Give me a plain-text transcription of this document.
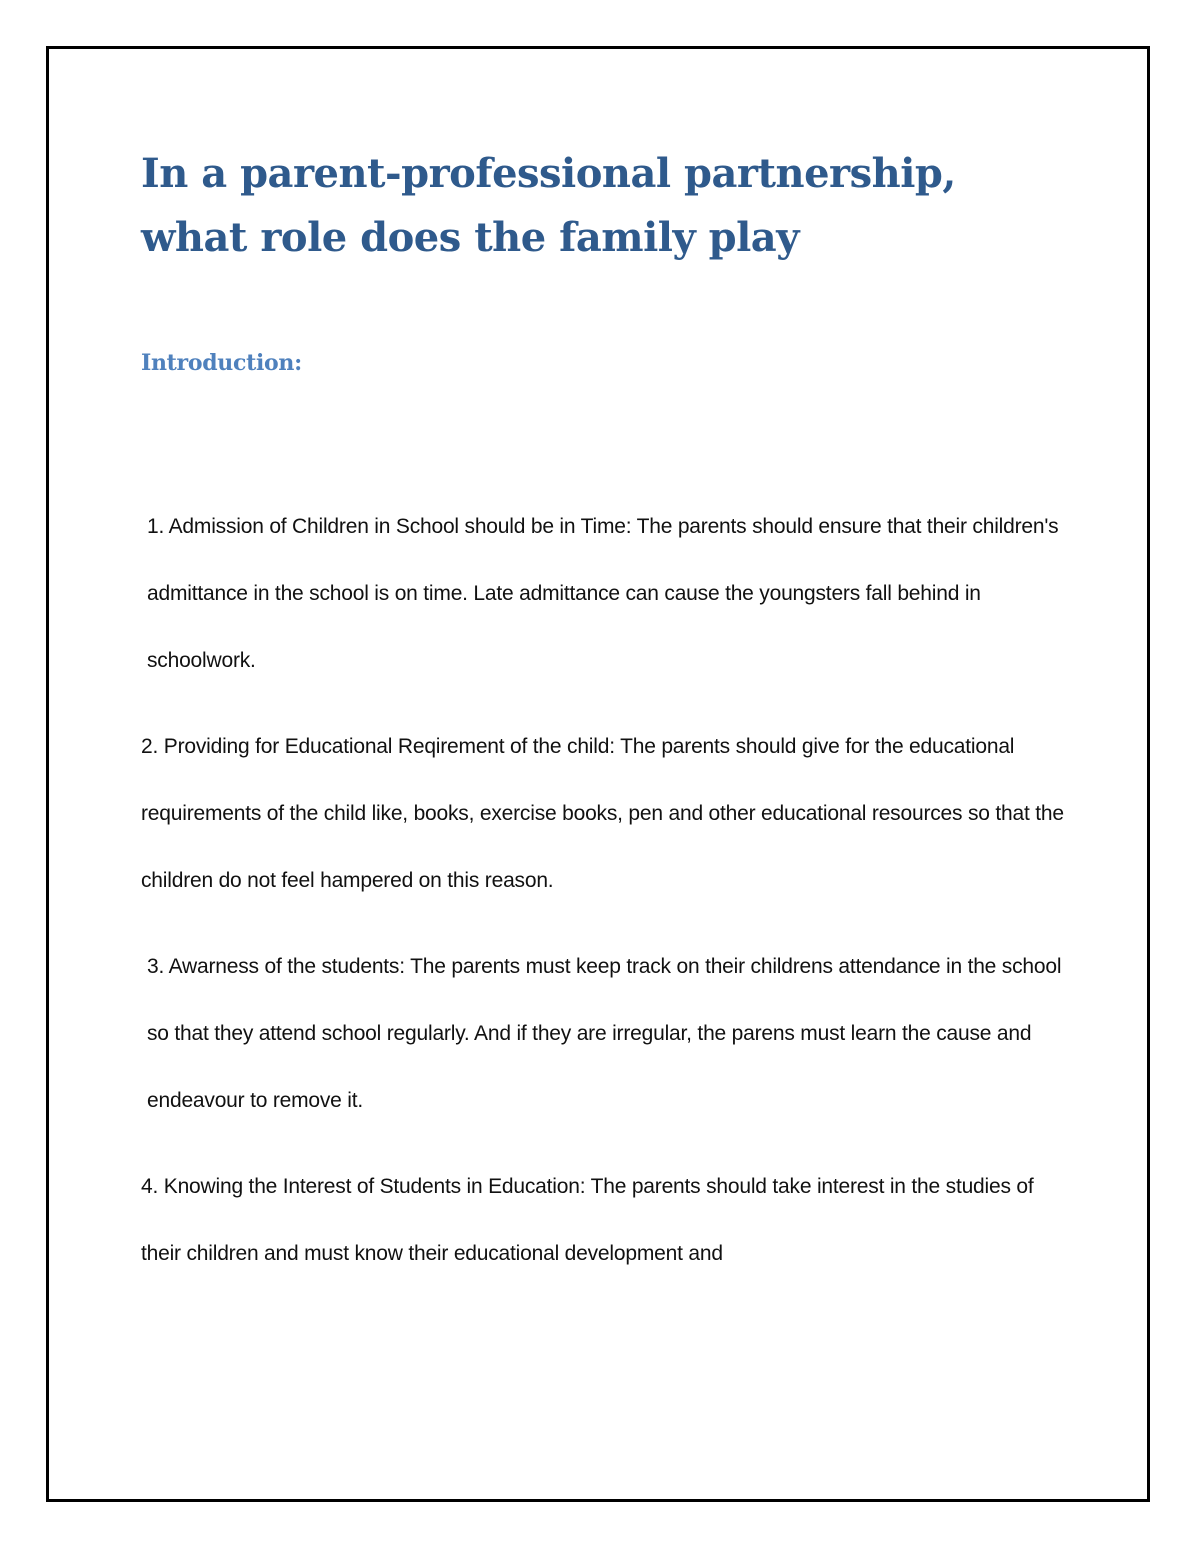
In a parent-professional partnership,
what role does the family play
Introduction:

1. Admission of Children in School should be in Time: The parents should ensure that their children's admittance in the school is on time. Late admittance can cause the youngsters fall behind in schoolwork.

2. Providing for Educational Reqirement of the child: The parents should give for the educational requirements of the child like, books, exercise books, pen and other educational resources so that the children do not feel hampered on this reason.

3. Awarness of the students: The parents must keep track on their childrens attendance in the school so that they attend school regularly. And if they are irregular, the parens must learn the cause and endeavour to remove it.

4. Knowing the Interest of Students in Education: The parents should take interest in the studies of their children and must know their educational development and
